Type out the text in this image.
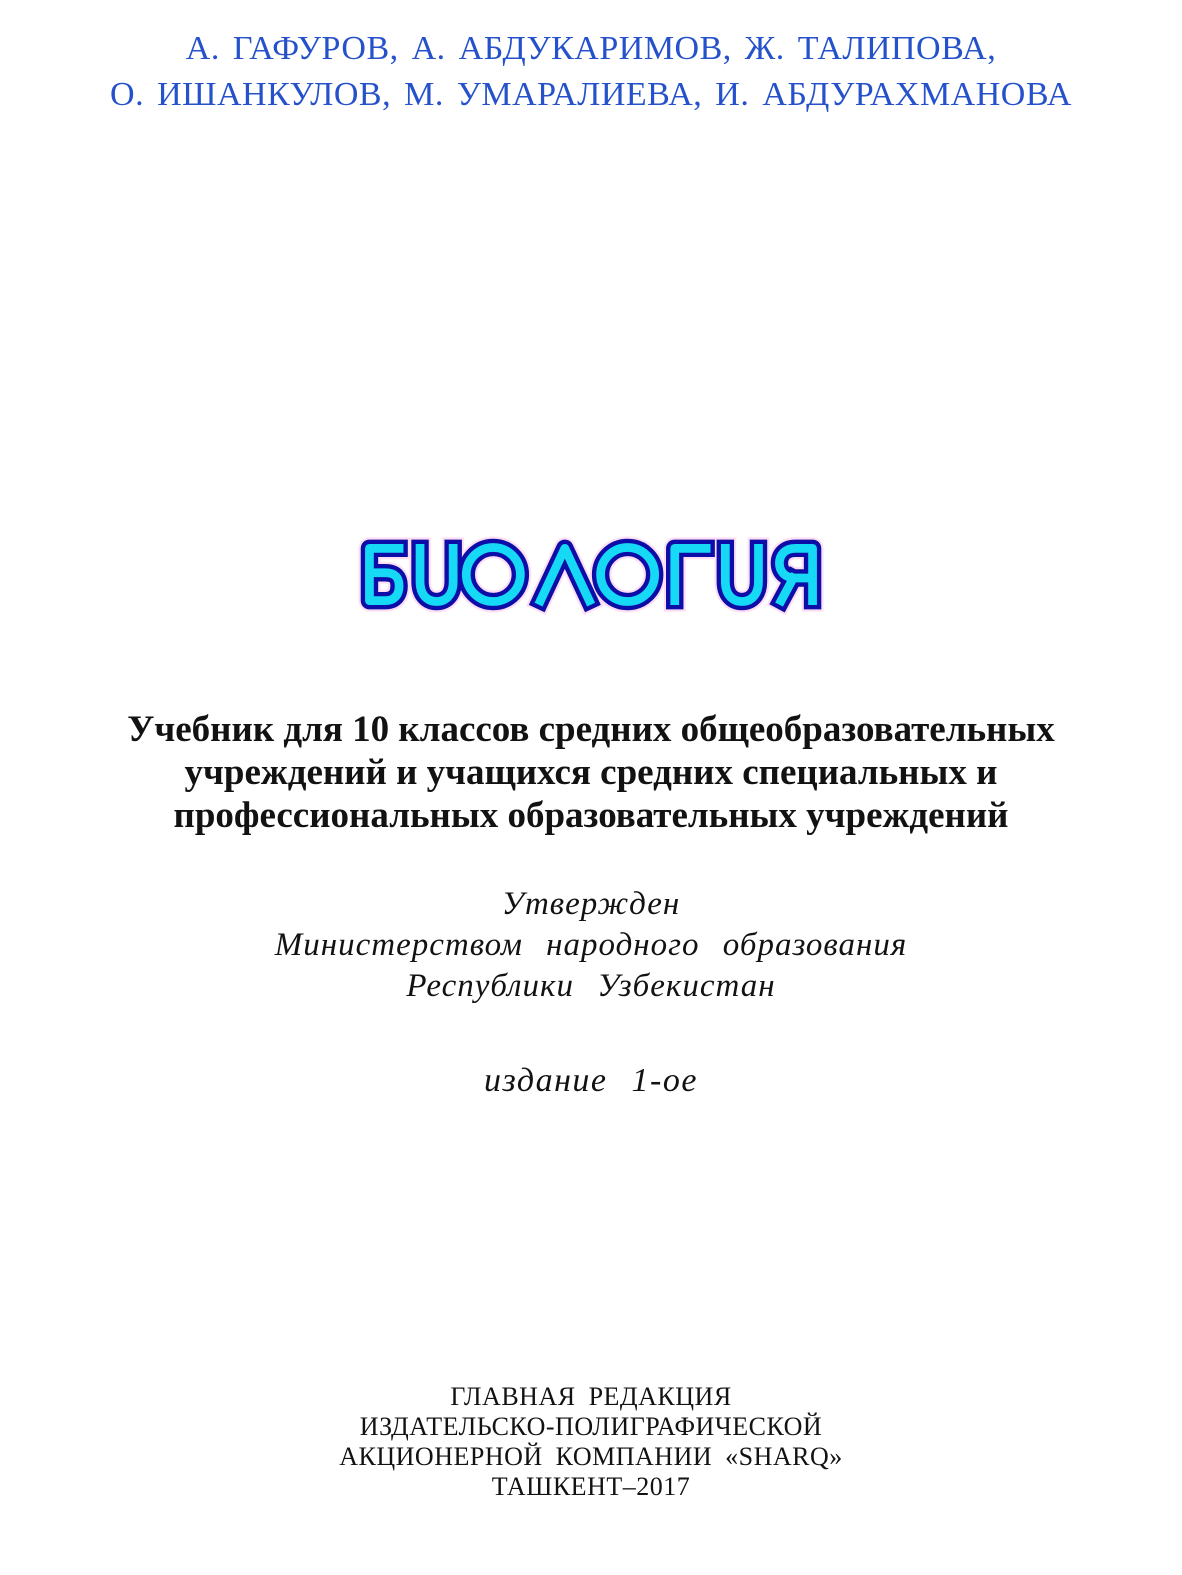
А. ГАФУРОВ, А. АБДУКАРИМОВ, Ж. ТАЛИПОВА,
О. ИШАНКУЛОВ, М. УМАРАЛИЕВА, И. АБДУРАХМАНОВА
Учебник для 10 классов средних общеобразовательных
учреждений и учащихся средних специальных и
профессиональных образовательных учреждений
Утвержден
Министерством народного образования
Республики Узбекистан
издание 1-ое
ГЛАВНАЯ РЕДАКЦИЯ
ИЗДАТЕЛЬСКО-ПОЛИГРАФИЧЕСКОЙ
АКЦИОНЕРНОЙ КОМПАНИИ «SHARQ»
ТАШКЕНТ–2017
